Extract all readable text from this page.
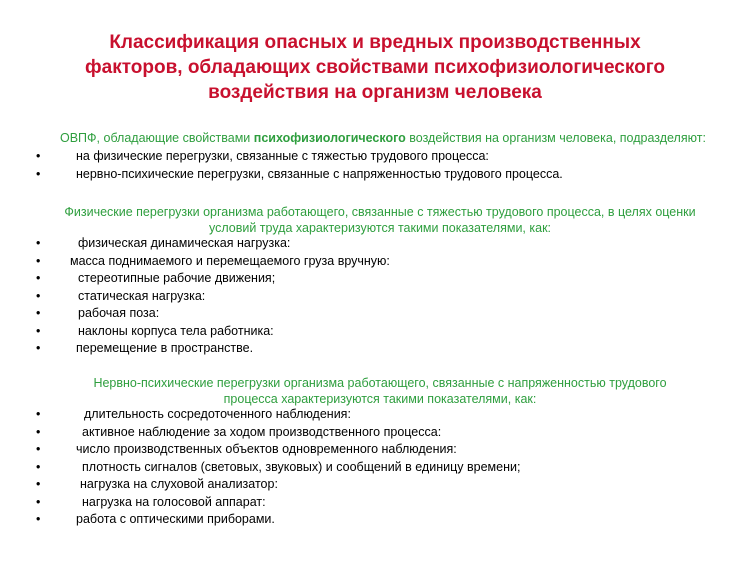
Классификация опасных и вредных производственных факторов, обладающих свойствами психофизиологического воздействия на организм человека
ОВПФ, обладающие свойствами психофизиологического воздействия на организм человека, подразделяют:
•	на физические перегрузки, связанные с тяжестью трудового процесса:
•	нервно-психические перегрузки, связанные с напряженностью трудового процесса.
Физические перегрузки организма работающего, связанные с тяжестью трудового процесса, в целях оценки
условий труда характеризуются такими показателями, как:
•	физическая динамическая нагрузка:
• масса поднимаемого и перемещаемого груза вручную:
•	стереотипные рабочие движения;
•	статическая нагрузка:
•	рабочая поза:
•	наклоны корпуса тела работника:
•	перемещение в пространстве.
Нервно-психические перегрузки организма работающего, связанные с напряженностью трудового
процесса характеризуются такими показателями, как:
•	длительность сосредоточенного наблюдения:
•	активное наблюдение за ходом производственного процесса:
•	число производственных объектов одновременного наблюдения:
•	плотность сигналов (световых, звуковых) и сообщений в единицу времени;
•	нагрузка на слуховой анализатор:
•	нагрузка на голосовой аппарат:
•	работа с оптическими приборами.
